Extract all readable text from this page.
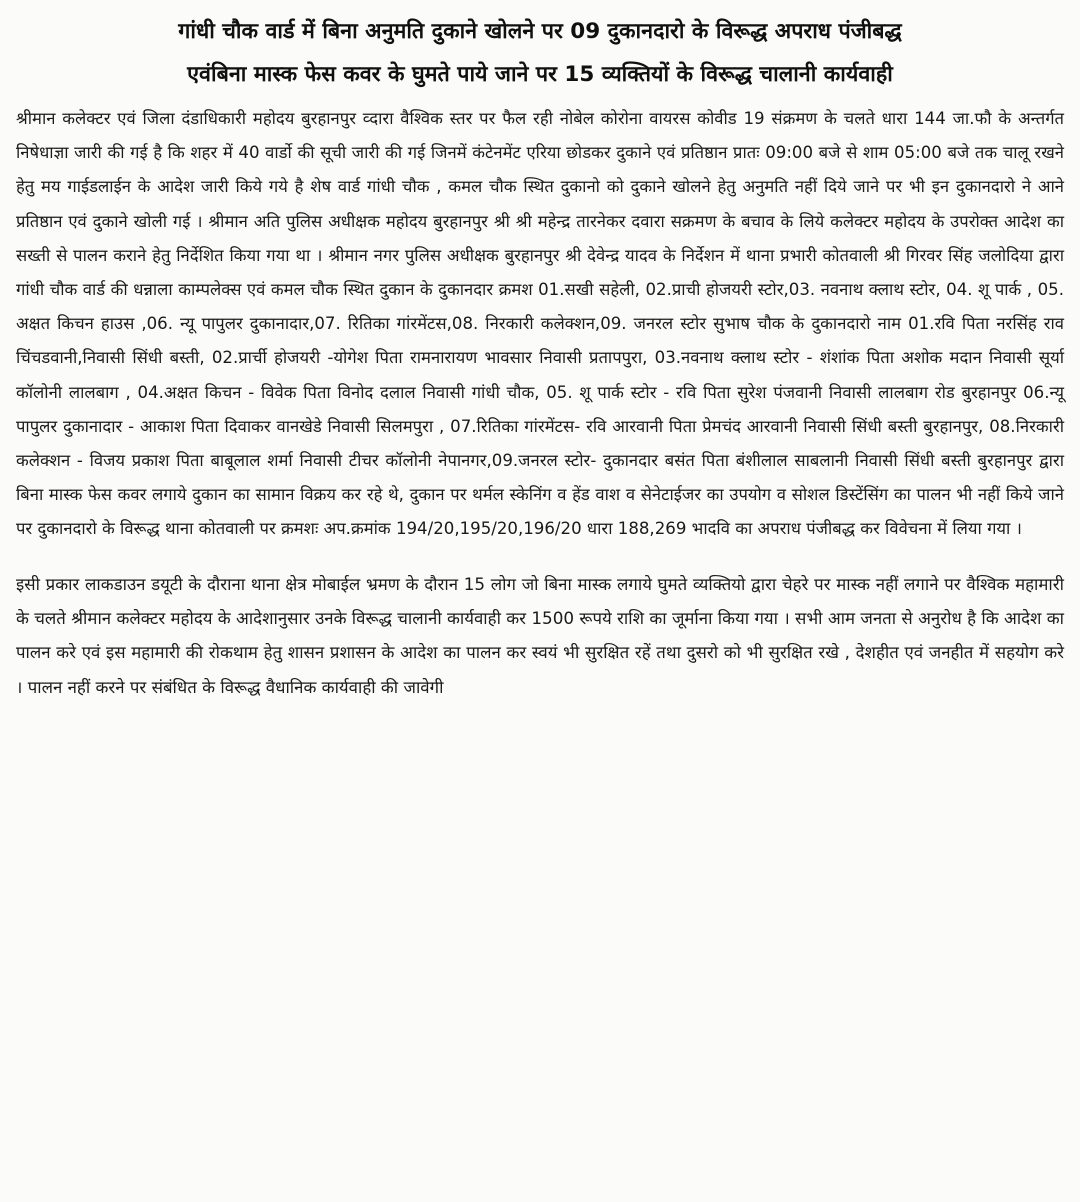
गांधी चौक वार्ड में बिना अनुमति दुकाने खोलने पर 09 दुकानदारो के विरूद्ध अपराध पंजीबद्ध
एवंबिना मास्क फेस कवर के घुमते पाये जाने पर 15 व्यक्तियों के विरूद्ध चालानी कार्यवाही

श्रीमान कलेक्टर एवं जिला दंडाधिकारी महोदय बुरहानपुर व्दारा वैश्विक स्तर पर फैल रही नोबेल कोरोना वायरस कोवीड 19 संक्रमण के चलते धारा 144 जा.फौ के अन्तर्गत निषेधाज्ञा जारी की गई है कि शहर में 40 वार्डो की सूची जारी की गई जिनमें कंटेनमेंट एरिया छोडकर दुकाने एवं प्रतिष्ठान प्रातः 09:00 बजे से शाम 05:00 बजे तक चालू रखने हेतु मय गाईडलाईन के आदेश जारी किये गये है शेष वार्ड गांधी चौक , कमल चौक स्थित दुकानो को दुकाने खोलने हेतु अनुमति नहीं दिये जाने पर भी इन दुकानदारो ने आने प्रतिष्ठान एवं दुकाने खोली गई । श्रीमान अति पुलिस अधीक्षक महोदय बुरहानपुर श्री श्री महेन्द्र तारनेकर दवारा सक्रमण के बचाव के लिये कलेक्टर महोदय के उपरोक्त आदेश का सख्ती से पालन कराने हेतु निर्देशित किया गया था । श्रीमान नगर पुलिस अधीक्षक बुरहानपुर श्री देवेन्द्र यादव के निर्देशन में थाना प्रभारी कोतवाली श्री गिरवर सिंह जलोदिया द्वारा गांधी चौक वार्ड की धन्नाला काम्पलेक्स एवं कमल चौक स्थित दुकान के दुकानदार क्रमश 01.सखी सहेली, 02.प्राची होजयरी स्टोर,03. नवनाथ क्लाथ स्टोर, 04. शू पार्क , 05. अक्षत किचन हाउस ,06. न्यू पापुलर दुकानादार,07. रितिका गांरमेंटस,08. निरकारी कलेक्शन,09. जनरल स्टोर सुभाष चौक के दुकानदारो नाम 01.रवि पिता नरसिंह राव चिंचडवानी,निवासी सिंधी बस्ती, 02.प्रार्ची होजयरी -योगेश पिता रामनारायण भावसार निवासी प्रतापपुरा, 03.नवनाथ क्लाथ स्टोर - शंशांक पिता अशोक मदान निवासी सूर्या कॉलोनी लालबाग , 04.अक्षत किचन - विवेक पिता विनोद दलाल निवासी गांधी चौक, 05. शू पार्क स्टोर - रवि पिता सुरेश पंजवानी निवासी लालबाग रोड बुरहानपुर 06.न्यू पापुलर दुकानादार - आकाश पिता दिवाकर वानखेडे निवासी सिलमपुरा , 07.रितिका गांरमेंटस- रवि आरवानी पिता प्रेमचंद आरवानी निवासी सिंधी बस्ती बुरहानपुर, 08.निरकारी कलेक्शन - विजय प्रकाश पिता बाबूलाल शर्मा निवासी टीचर कॉलोनी नेपानगर,09.जनरल स्टोर- दुकानदार बसंत पिता बंशीलाल साबलानी निवासी सिंधी बस्ती बुरहानपुर द्वारा बिना मास्क फेस कवर लगाये दुकान का सामान विक्रय कर रहे थे, दुकान पर थर्मल स्केनिंग व हेंड वाश व सेनेटाईजर का उपयोग व सोशल डिस्टेंसिंग का पालन भी नहीं किये जाने पर दुकानदारो के विरूद्ध थाना कोतवाली पर क्रमशः अप.क्रमांक 194/20,195/20,196/20 धारा 188,269 भादवि का अपराध पंजीबद्ध कर विवेचना में लिया गया ।

इसी प्रकार लाकडाउन डयूटी के दौराना थाना क्षेत्र मोबाईल भ्रमण के दौरान 15 लोग जो बिना मास्क लगाये घुमते व्यक्तियो द्वारा चेहरे पर मास्क नहीं लगाने पर वैश्विक महामारी के चलते श्रीमान कलेक्टर महोदय के आदेशानुसार उनके विरूद्ध चालानी कार्यवाही कर 1500 रूपये राशि का जूर्माना किया गया । सभी आम जनता से अनुरोध है कि आदेश का पालन करे एवं इस महामारी की रोकथाम हेतु शासन प्रशासन के आदेश का पालन कर स्वयं भी सुरक्षित रहें तथा दुसरो को भी सुरक्षित रखे , देशहीत एवं जनहीत में सहयोग करे । पालन नहीं करने पर संबंधित के विरूद्ध वैधानिक कार्यवाही की जावेगी
